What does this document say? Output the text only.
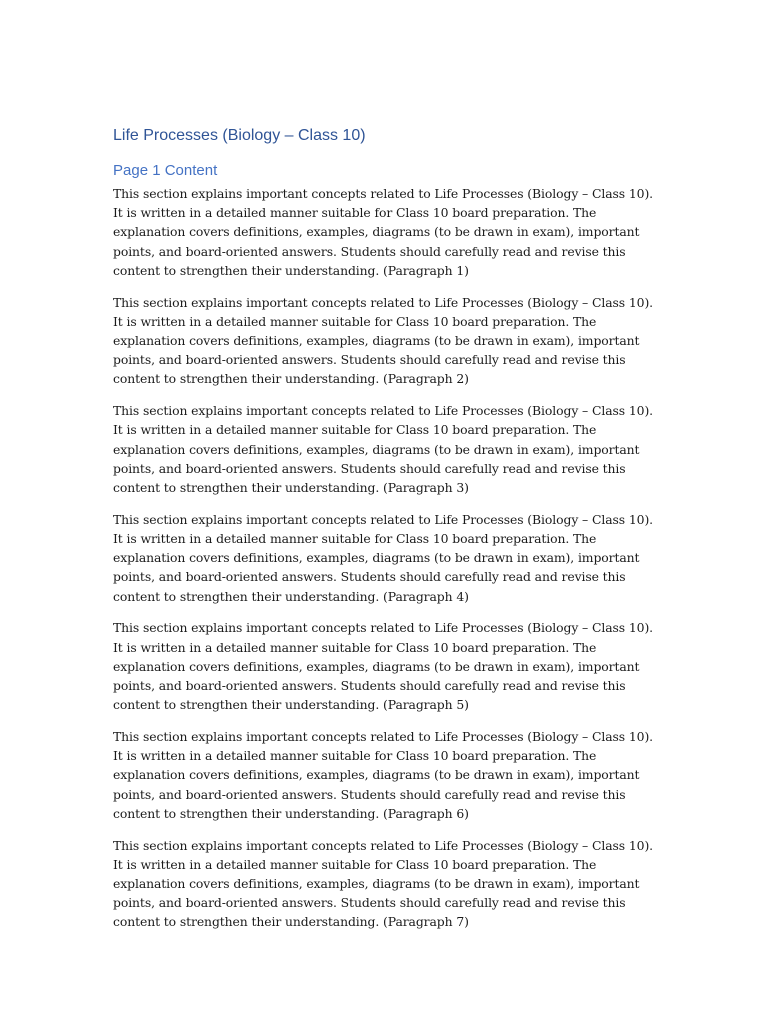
Life Processes (Biology – Class 10)
Page 1 Content

This section explains important concepts related to Life Processes (Biology – Class 10). It is written in a detailed manner suitable for Class 10 board preparation. The explanation covers definitions, examples, diagrams (to be drawn in exam), important points, and board-oriented answers. Students should carefully read and revise this content to strengthen their understanding. (Paragraph 1)

This section explains important concepts related to Life Processes (Biology – Class 10). It is written in a detailed manner suitable for Class 10 board preparation. The explanation covers definitions, examples, diagrams (to be drawn in exam), important points, and board-oriented answers. Students should carefully read and revise this content to strengthen their understanding. (Paragraph 2)

This section explains important concepts related to Life Processes (Biology – Class 10). It is written in a detailed manner suitable for Class 10 board preparation. The explanation covers definitions, examples, diagrams (to be drawn in exam), important points, and board-oriented answers. Students should carefully read and revise this content to strengthen their understanding. (Paragraph 3)

This section explains important concepts related to Life Processes (Biology – Class 10). It is written in a detailed manner suitable for Class 10 board preparation. The explanation covers definitions, examples, diagrams (to be drawn in exam), important points, and board-oriented answers. Students should carefully read and revise this content to strengthen their understanding. (Paragraph 4)

This section explains important concepts related to Life Processes (Biology – Class 10). It is written in a detailed manner suitable for Class 10 board preparation. The explanation covers definitions, examples, diagrams (to be drawn in exam), important points, and board-oriented answers. Students should carefully read and revise this content to strengthen their understanding. (Paragraph 5)

This section explains important concepts related to Life Processes (Biology – Class 10). It is written in a detailed manner suitable for Class 10 board preparation. The explanation covers definitions, examples, diagrams (to be drawn in exam), important points, and board-oriented answers. Students should carefully read and revise this content to strengthen their understanding. (Paragraph 6)

This section explains important concepts related to Life Processes (Biology – Class 10). It is written in a detailed manner suitable for Class 10 board preparation. The explanation covers definitions, examples, diagrams (to be drawn in exam), important points, and board-oriented answers. Students should carefully read and revise this content to strengthen their understanding. (Paragraph 7)
